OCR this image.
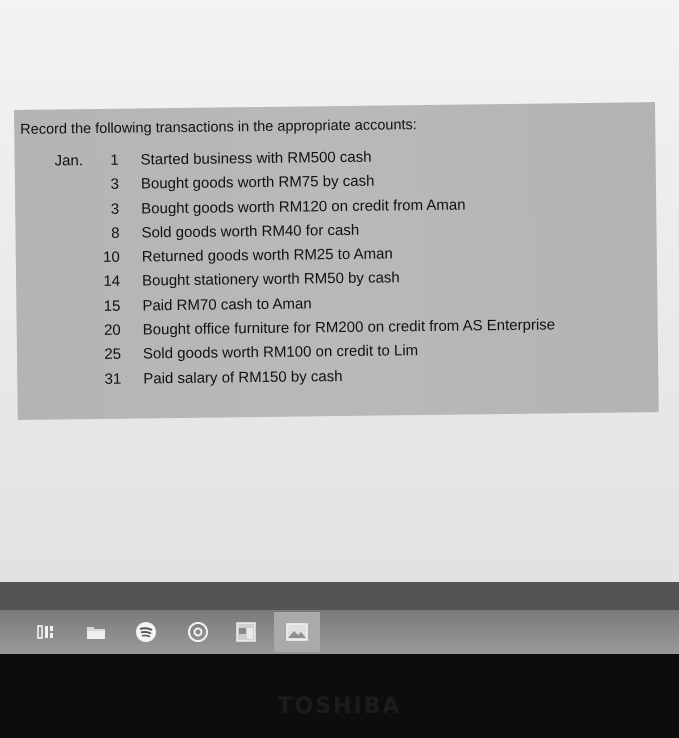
Record the following transactions in the appropriate accounts:
Jan.	1 Started business with RM500 cash
3 Bought goods worth RM75 by cash
3 Bought goods worth RM120 on credit from Aman
8 Sold goods worth RM40 for cash
10 Returned goods worth RM25 to Aman
14 Bought stationery worth RM50 by cash
15 Paid RM70 cash to Aman
20 Bought office furniture for RM200 on credit from AS Enterprise
25 Sold goods worth RM100 on credit to Lim
31 Paid salary of RM150 by cash
TOSHIBA
